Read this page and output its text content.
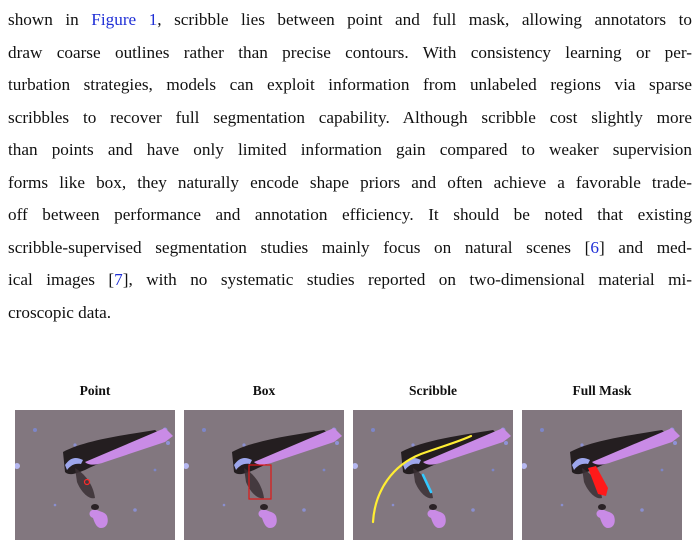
shown in Figure 1, scribble lies between point and full mask, allowing annotators to
draw coarse outlines rather than precise contours. With consistency learning or per-
turbation strategies, models can exploit information from unlabeled regions via sparse
scribbles to recover full segmentation capability. Although scribble cost slightly more
than points and have only limited information gain compared to weaker supervision
forms like box, they naturally encode shape priors and often achieve a favorable trade-
off between performance and annotation efficiency. It should be noted that existing
scribble-supervised segmentation studies mainly focus on natural scenes [6] and med-
ical images [7], with no systematic studies reported on two-dimensional material mi-
croscopic data.
Point	Box	Scribble	Full Mask
